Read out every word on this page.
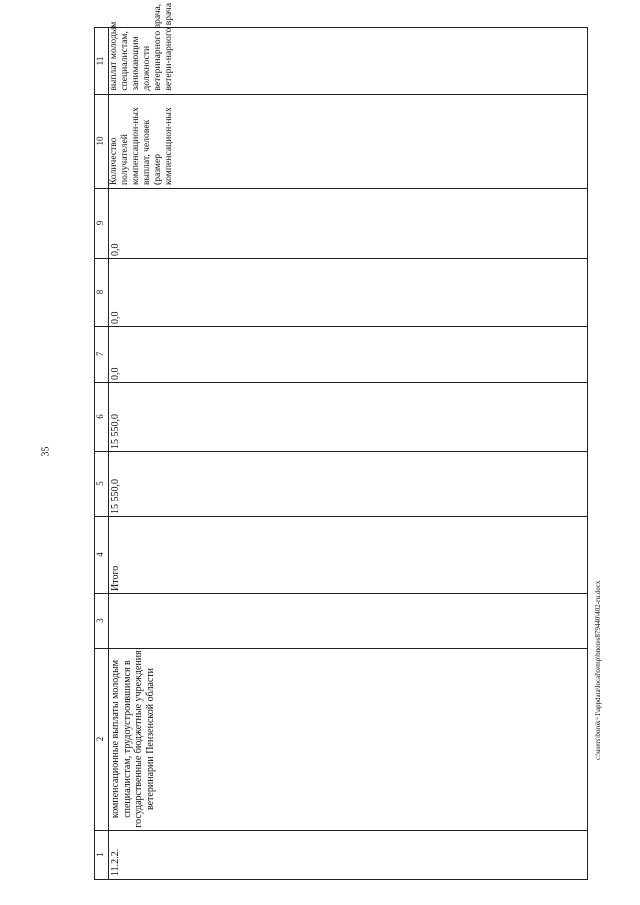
35
c:\users\borok~1\appdata\local\temp\bnotes879440\402-ru.docx
11
10
9
8
7
6
5
4
3
2
1 11.2.2.
компенсационные выплаты молодым специалистам, трудоустроившимся в государственные бюджетные учреждения ветеринарии Пензенской области
Итого
15 550,0
15 550,0
0,0
0,0
0,0
Количество получателей компенсацион-ных выплат, человек (размер компенсацион-ных выплат молодым специалистам, занимающим должности ветеринарного врача, ветери-нарного врача
